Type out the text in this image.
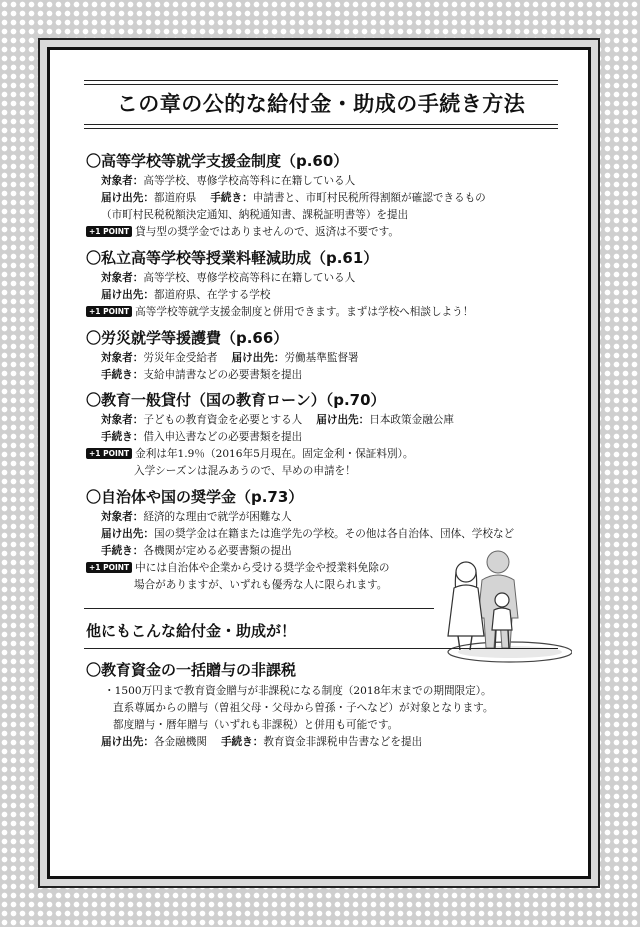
この章の公的な給付金・助成の手続き方法
〇高等学校等就学支援金制度（p.60）
対象者：高等学校、専修学校高等科に在籍している人
届け出先：都道府県 手続き：申請書と、市町村民税所得割額が確認できるもの
（市町村民税税額決定通知、納税通知書、課税証明書等）を提出
+1 POINT 貸与型の奨学金ではありませんので、返済は不要です。
〇私立高等学校等授業料軽減助成（p.61）
対象者：高等学校、専修学校高等科に在籍している人
届け出先：都道府県、在学する学校
+1 POINT 高等学校等就学支援金制度と併用できます。まずは学校へ相談しよう！
〇労災就学等援護費（p.66）
対象者：労災年金受給者 届け出先：労働基準監督署
手続き：支給申請書などの必要書類を提出
〇教育一般貸付（国の教育ローン）（p.70）
対象者：子どもの教育資金を必要とする人 届け出先：日本政策金融公庫
手続き：借入申込書などの必要書類を提出
+1 POINT 金利は年1.9％（2016年5月現在。固定金利・保証料別）。
入学シーズンは混みあうので、早めの申請を！
〇自治体や国の奨学金（p.73）
対象者：経済的な理由で就学が困難な人
届け出先：国の奨学金は在籍または進学先の学校。その他は各自治体、団体、学校など
手続き：各機関が定める必要書類の提出
+1 POINT 中には自治体や企業から受ける奨学金や授業料免除の
場合がありますが、いずれも優秀な人に限られます。
他にもこんな給付金・助成が！
〇教育資金の一括贈与の非課税
・1500万円まで教育資金贈与が非課税になる制度（2018年末までの期間限定）。
直系尊属からの贈与（曽祖父母・父母から曽孫・子へなど）が対象となります。
都度贈与・暦年贈与（いずれも非課税）と併用も可能です。
届け出先：各金融機関 手続き：教育資金非課税申告書などを提出
